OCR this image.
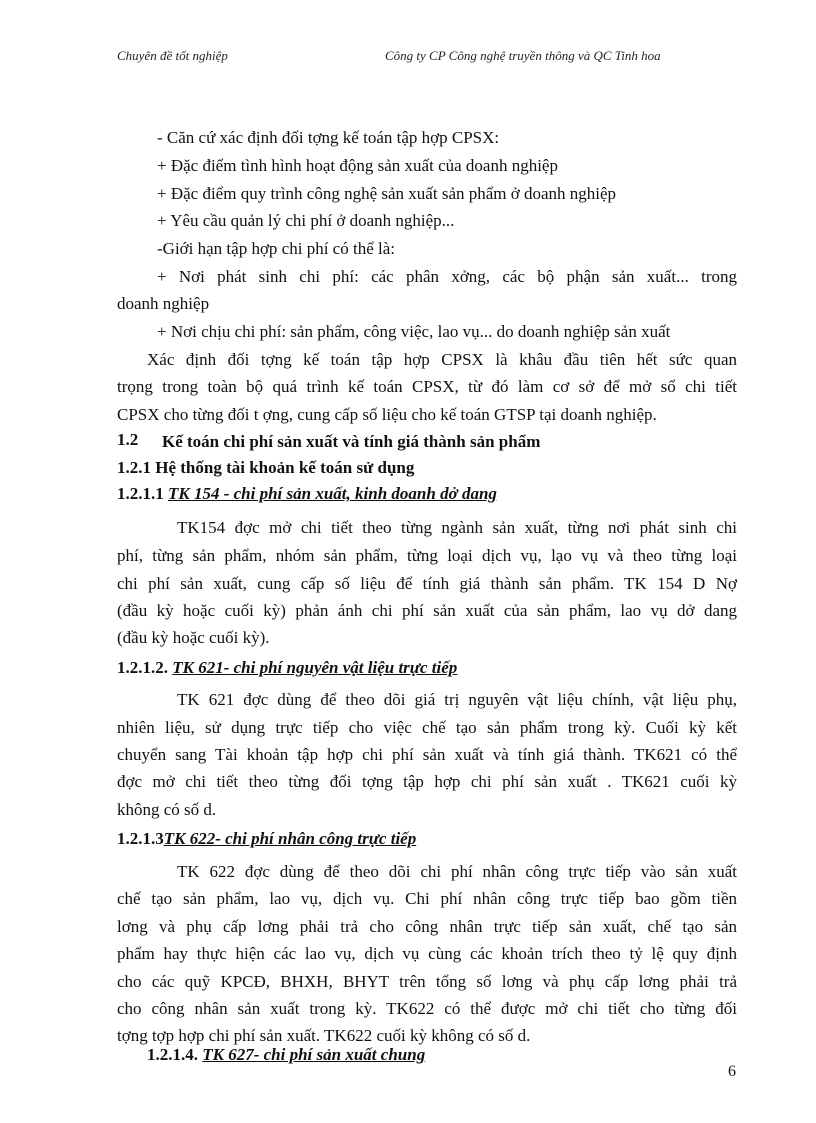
Chuyên đề tốt nghiệp	Công ty CP Công nghệ truyền thông và QC Tinh hoa
- Căn cứ xác định đối tợng kế toán tập hợp CPSX:
+ Đặc điểm tình hình hoạt động sản xuất của doanh nghiệp
+ Đặc điểm quy trình công nghệ sản xuất sản phẩm ở doanh nghiệp
+ Yêu cầu quản lý chi phí ở doanh nghiệp...
-Giới hạn tập hợp chi phí có thể là:
+ Nơi phát sinh chi phí: các phân xởng, các bộ phận sản xuất... trong
doanh nghiệp
+ Nơi chịu chi phí: sản phẩm, công việc, lao vụ... do doanh nghiệp sản xuất
Xác định đối tợng kế toán tập hợp CPSX là khâu đầu tiên hết sức quan
trọng trong toàn bộ quá trình kế toán CPSX, từ đó làm cơ sở để mở sổ chi tiết
CPSX cho từng đối t ợng, cung cấp số liệu cho kế toán GTSP tại doanh nghiệp.
1.2 Kế toán chi phí sản xuất và tính giá thành sản phẩm
1.2.1 Hệ thống tài khoản kế toán sử dụng
1.2.1.1 TK 154 - chi phí sản xuất, kinh doanh dở dang
TK154 đợc mở chi tiết theo từng ngành sản xuất, từng nơi phát sinh chi
phí, từng sản phẩm, nhóm sản phẩm, từng loại dịch vụ, lạo vụ và theo từng loại
chi phí sản xuất, cung cấp số liệu để tính giá thành sản phẩm. TK 154 D Nợ
(đầu kỳ hoặc cuối kỳ) phản ánh chi phí sản xuất của sản phẩm, lao vụ dở dang
(đầu kỳ hoặc cuối kỳ).
1.2.1.2. TK 621- chi phí nguyên vật liệu trực tiếp
TK 621 đợc dùng để theo dõi giá trị nguyên vật liệu chính, vật liệu phụ,
nhiên liệu, sử dụng trực tiếp cho việc chế tạo sản phẩm trong kỳ. Cuối kỳ kết
chuyển sang Tài khoản tập hợp chi phí sản xuất và tính giá thành. TK621 có thể
đợc mở chi tiết theo từng đối tợng tập hợp chi phí sản xuất . TK621 cuối kỳ
không có số d.
1.2.1.3TK 622- chi phí nhân công trực tiếp
TK 622 đợc dùng để theo dõi chi phí nhân công trực tiếp vào sản xuất
chế tạo sản phẩm, lao vụ, dịch vụ. Chi phí nhân công trực tiếp bao gồm tiền
lơng và phụ cấp lơng phải trả cho công nhân trực tiếp sản xuất, chế tạo sản
phẩm hay thực hiện các lao vụ, dịch vụ cùng các khoản trích theo tỷ lệ quy định
cho các quỹ KPCĐ, BHXH, BHYT trên tổng số lơng và phụ cấp lơng phải trả
cho công nhân sản xuất trong kỳ. TK622 có thể được mở chi tiết cho từng đối
tợng tợp hợp chi phí sản xuất. TK622 cuối kỳ không có số d.
1.2.1.4. TK 627- chi phí sản xuất chung
6
